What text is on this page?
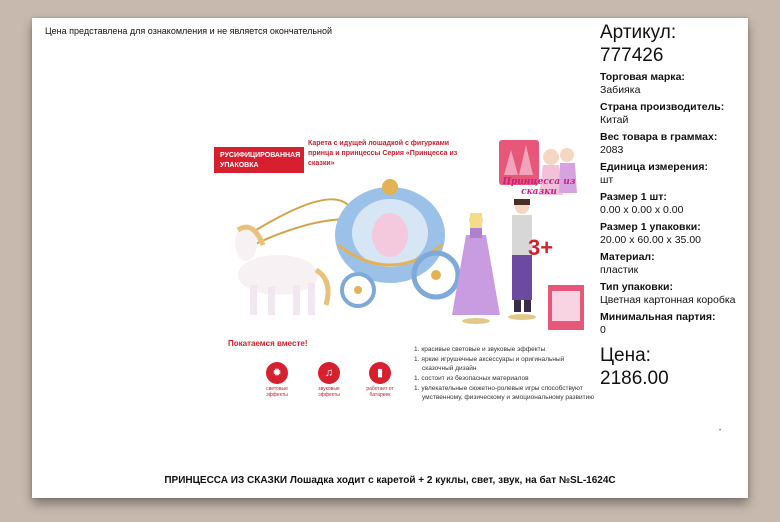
Цена представлена для ознакомления и не является окончательной
РУСИФИЦИРОВАННАЯ УПАКОВКА
Карета с идущей лошадкой с фигурками принца и принцессы Серия «Принцесса из сказки»
Принцесса из сказки
3+
Покатаемся вместе!
✹
световые эффекты
♫
звуковые эффекты
▮
работает от батареек
1. красивые световые и звуковые эффекты
1. яркие игрушечные аксессуары и оригинальный сказочный дизайн
1. состоит из безопасных материалов
1. увлекательные сюжетно-ролевые игры способствуют умственному, физическому и эмоциональному развитию
Артикул:
777426
Торговая марка:
Забияка
Страна производитель:
Китай
Вес товара в граммах:
2083
Единица измерения:
шт
Размер 1 шт:
0.00 x 0.00 x 0.00
Размер 1 упаковки:
20.00 x 60.00 x 35.00
Материал:
пластик
Тип упаковки:
Цветная картонная коробка
Минимальная партия:
0
Цена:
2186.00
•
ПРИНЦЕССА ИЗ СКАЗКИ Лошадка ходит с каретой + 2 куклы, свет, звук, на бат №SL-1624C
